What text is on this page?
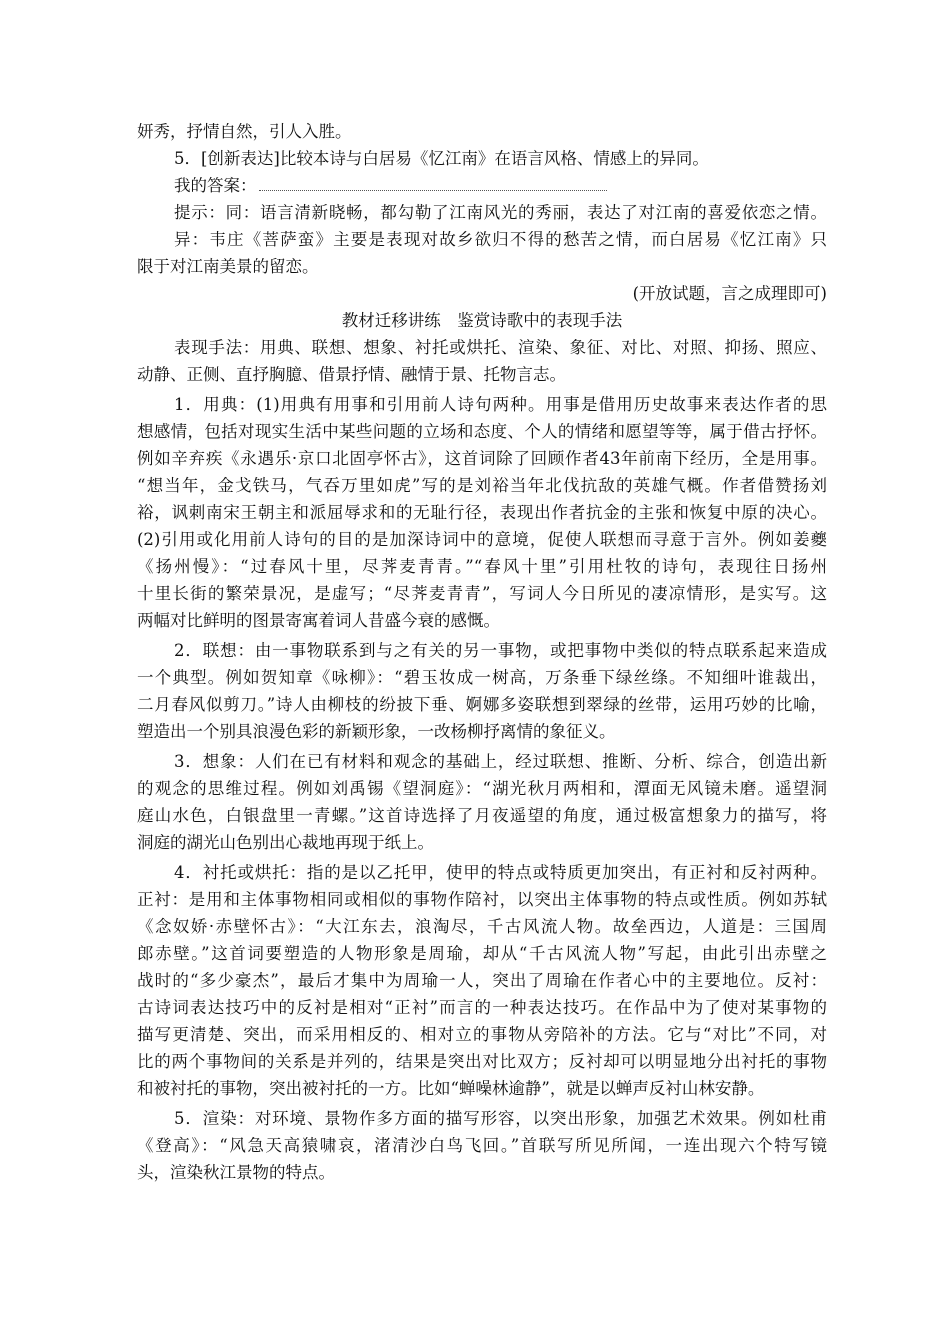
妍秀，抒情自然，引人入胜。
5．[创新表达]比较本诗与白居易《忆江南》在语言风格、情感上的异同。
我的答案：
提示：同：语言清新晓畅，都勾勒了江南风光的秀丽，表达了对江南的喜爱依恋之情。
异：韦庄《菩萨蛮》主要是表现对故乡欲归不得的愁苦之情，而白居易《忆江南》只
限于对江南美景的留恋。
(开放试题，言之成理即可)
教材迁移讲练　鉴赏诗歌中的表现手法
表现手法：用典、联想、想象、衬托或烘托、渲染、象征、对比、对照、抑扬、照应、
动静、正侧、直抒胸臆、借景抒情、融情于景、托物言志。
1．用典：(1)用典有用事和引用前人诗句两种。用事是借用历史故事来表达作者的思
想感情，包括对现实生活中某些问题的立场和态度、个人的情绪和愿望等等，属于借古抒怀。
例如辛弃疾《永遇乐·京口北固亭怀古》，这首词除了回顾作者43年前南下经历，全是用事。
“想当年，金戈铁马，气吞万里如虎”写的是刘裕当年北伐抗敌的英雄气概。作者借赞扬刘
裕，讽刺南宋王朝主和派屈辱求和的无耻行径，表现出作者抗金的主张和恢复中原的决心。
(2)引用或化用前人诗句的目的是加深诗词中的意境，促使人联想而寻意于言外。例如姜夔
《扬州慢》：“过春风十里，尽荠麦青青。”“春风十里”引用杜牧的诗句，表现往日扬州
十里长街的繁荣景况，是虚写；“尽荠麦青青”，写词人今日所见的凄凉情形，是实写。这
两幅对比鲜明的图景寄寓着词人昔盛今衰的感慨。
2．联想：由一事物联系到与之有关的另一事物，或把事物中类似的特点联系起来造成
一个典型。例如贺知章《咏柳》：“碧玉妆成一树高，万条垂下绿丝绦。不知细叶谁裁出，
二月春风似剪刀。”诗人由柳枝的纷披下垂、婀娜多姿联想到翠绿的丝带，运用巧妙的比喻，
塑造出一个别具浪漫色彩的新颖形象，一改杨柳抒离情的象征义。
3．想象：人们在已有材料和观念的基础上，经过联想、推断、分析、综合，创造出新
的观念的思维过程。例如刘禹锡《望洞庭》：“湖光秋月两相和，潭面无风镜未磨。遥望洞
庭山水色，白银盘里一青螺。”这首诗选择了月夜遥望的角度，通过极富想象力的描写，将
洞庭的湖光山色别出心裁地再现于纸上。
4．衬托或烘托：指的是以乙托甲，使甲的特点或特质更加突出，有正衬和反衬两种。
正衬：是用和主体事物相同或相似的事物作陪衬，以突出主体事物的特点或性质。例如苏轼
《念奴娇·赤壁怀古》：“大江东去，浪淘尽，千古风流人物。故垒西边，人道是：三国周
郎赤壁。”这首词要塑造的人物形象是周瑜，却从“千古风流人物”写起，由此引出赤壁之
战时的“多少豪杰”，最后才集中为周瑜一人，突出了周瑜在作者心中的主要地位。反衬：
古诗词表达技巧中的反衬是相对“正衬”而言的一种表达技巧。在作品中为了使对某事物的
描写更清楚、突出，而采用相反的、相对立的事物从旁陪补的方法。它与“对比”不同，对
比的两个事物间的关系是并列的，结果是突出对比双方；反衬却可以明显地分出衬托的事物
和被衬托的事物，突出被衬托的一方。比如“蝉噪林逾静”，就是以蝉声反衬山林安静。
5．渲染：对环境、景物作多方面的描写形容，以突出形象，加强艺术效果。例如杜甫
《登高》：“风急天高猿啸哀，渚清沙白鸟飞回。”首联写所见所闻，一连出现六个特写镜
头，渲染秋江景物的特点。
